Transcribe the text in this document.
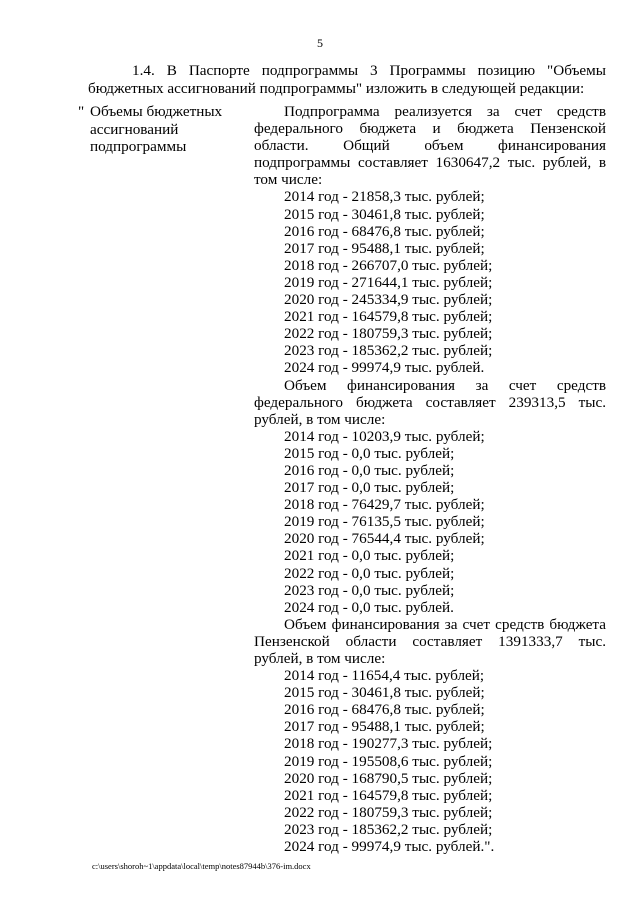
5
1.4. В Паспорте подпрограммы 3 Программы позицию "Объемы бюджетных ассигнований подпрограммы" изложить в следующей редакции:
" Объемы бюджетных ассигнований подпрограммы
Подпрограмма реализуется за счет средств федерального бюджета и бюджета Пензенской области. Общий объем финансирования подпрограммы составляет 1630647,2 тыс. рублей, в том числе:
2014 год - 21858,3 тыс. рублей;
2015 год - 30461,8 тыс. рублей;
2016 год - 68476,8 тыс. рублей;
2017 год - 95488,1 тыс. рублей;
2018 год - 266707,0 тыс. рублей;
2019 год - 271644,1 тыс. рублей;
2020 год - 245334,9 тыс. рублей;
2021 год - 164579,8 тыс. рублей;
2022 год - 180759,3 тыс. рублей;
2023 год - 185362,2 тыс. рублей;
2024 год - 99974,9 тыс. рублей.
Объем финансирования за счет средств федерального бюджета составляет 239313,5 тыс. рублей, в том числе:
2014 год - 10203,9 тыс. рублей;
2015 год - 0,0 тыс. рублей;
2016 год - 0,0 тыс. рублей;
2017 год - 0,0 тыс. рублей;
2018 год - 76429,7 тыс. рублей;
2019 год - 76135,5 тыс. рублей;
2020 год - 76544,4 тыс. рублей;
2021 год - 0,0 тыс. рублей;
2022 год - 0,0 тыс. рублей;
2023 год - 0,0 тыс. рублей;
2024 год - 0,0 тыс. рублей.
Объем финансирования за счет средств бюджета Пензенской области составляет 1391333,7 тыс. рублей, в том числе:
2014 год - 11654,4 тыс. рублей;
2015 год - 30461,8 тыс. рублей;
2016 год - 68476,8 тыс. рублей;
2017 год - 95488,1 тыс. рублей;
2018 год - 190277,3 тыс. рублей;
2019 год - 195508,6 тыс. рублей;
2020 год - 168790,5 тыс. рублей;
2021 год - 164579,8 тыс. рублей;
2022 год - 180759,3 тыс. рублей;
2023 год - 185362,2 тыс. рублей;
2024 год - 99974,9 тыс. рублей.".
c:\users\shoroh~1\appdata\local\temp\notes87944b\376-im.docx
